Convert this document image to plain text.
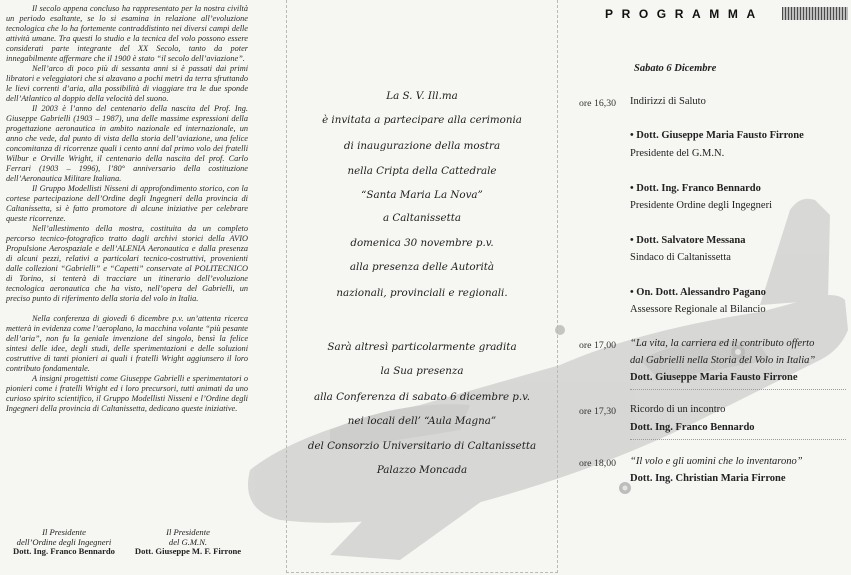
Il secolo appena concluso ha rappresentato per la nostra civiltà un periodo esaltante, se lo si esamina in relazione all’evoluzione tecnologica che lo ha fortemente contraddistinto nei diversi campi delle attività umane. Tra questi lo studio e la tecnica del volo possono essere considerati parte integrante del XX Secolo, tanto da poter innegabilmente affermare che il 1900 è stato “il secolo dell’aviazione”.

Nell’arco di poco più di sessanta anni si è passati dai primi libratori e veleggiatori che si alzavano a pochi metri da terra sfruttando le lievi correnti d’aria, alla possibilità di viaggiare tra le due sponde dell’Atlantico al doppio della velocità del suono.

Il 2003 è l’anno del centenario della nascita del Prof. Ing. Giuseppe Gabrielli (1903 – 1987), una delle massime espressioni della progettazione aeronautica in ambito nazionale ed internazionale, un anno che vede, dal punto di vista della storia dell’aviazione, una felice concomitanza di ricorrenze quali i cento anni dal primo volo dei fratelli Wilbur e Orville Wright, il centenario della nascita del prof. Carlo Ferrari (1903 – 1996), l’80° anniversario della costituzione dell’Aeronautica Militare Italiana.

Il Gruppo Modellisti Nisseni di approfondimento storico, con la cortese partecipazione dell’Ordine degli Ingegneri della provincia di Caltanissetta, si è fatto promotore di alcune iniziative per celebrare queste ricorrenze.

Nell’allestimento della mostra, costituita da un completo percorso tecnico-fotografico tratto dagli archivi storici della AVIO Propulsione Aerospaziale e dell’ALENIA Aeronautica e dalla presenza di alcuni pezzi, relativi a particolari tecnico-costruttivi, provenienti dalle collezioni “Gabrielli” e “Capetti” conservate al POLITECNICO di Torino, si tenterà di tracciare un itinerario dell’evoluzione tecnologica aeronautica che ha visto, nell’opera del Gabrielli, un preciso punto di riferimento della storia del volo in Italia.

Nella conferenza di giovedì 6 dicembre p.v. un’attenta ricerca metterà in evidenza come l’aeroplano, la macchina volante “più pesante dell’aria”, non fu la geniale invenzione del singolo, bensì la felice sintesi delle idee, degli studi, delle sperimentazioni e delle soluzioni costruttive di tanti pionieri ai quali i fratelli Wright aggiunsero il loro contributo fondamentale.

A insigni progettisti come Giuseppe Gabrielli e sperimentatori o pionieri come i fratelli Wright ed i loro precursori, tutti animati da uno curioso spirito scientifico, il Gruppo Modellisti Nisseni e l’Ordine degli Ingegneri della provincia di Caltanissetta, dedicano queste iniziative.

Il Presidente
dell’Ordine degli Ingegneri
Dott. Ing. Franco Bennardo
Il Presidente
del G.M.N.
Dott. Giuseppe M. F. Firrone
La S. V. Ill.ma
è invitata a partecipare alla cerimonia
di inaugurazione della mostra
nella Cripta della Cattedrale
“Santa Maria La Nova”
a Caltanissetta
domenica 30 novembre p.v.
alla presenza delle Autorità
nazionali, provinciali e regionali.
Sarà altresì particolarmente gradita
la Sua presenza
alla Conferenza di sabato 6 dicembre p.v.
nei locali dell’ “Aula Magna”
del Consorzio Universitario di Caltanissetta
Palazzo Moncada
PROGRAMMA
Sabato 6 Dicembre
ore 16,30 Indirizzi di Saluto
• Dott. Giuseppe Maria Fausto Firrone
Presidente del G.M.N.
• Dott. Ing. Franco Bennardo
Presidente Ordine degli Ingegneri
• Dott. Salvatore Messana
Sindaco di Caltanissetta
• On. Dott. Alessandro Pagano
Assessore Regionale al Bilancio
ore 17,00 “La vita, la carriera ed il contributo offerto
dal Gabrielli nella Storia del Volo in Italia”
Dott. Giuseppe Maria Fausto Firrone
ore 17,30 Ricordo di un incontro
Dott. Ing. Franco Bennardo
ore 18,00 “Il volo e gli uomini che lo inventarono”
Dott. Ing. Christian Maria Firrone
